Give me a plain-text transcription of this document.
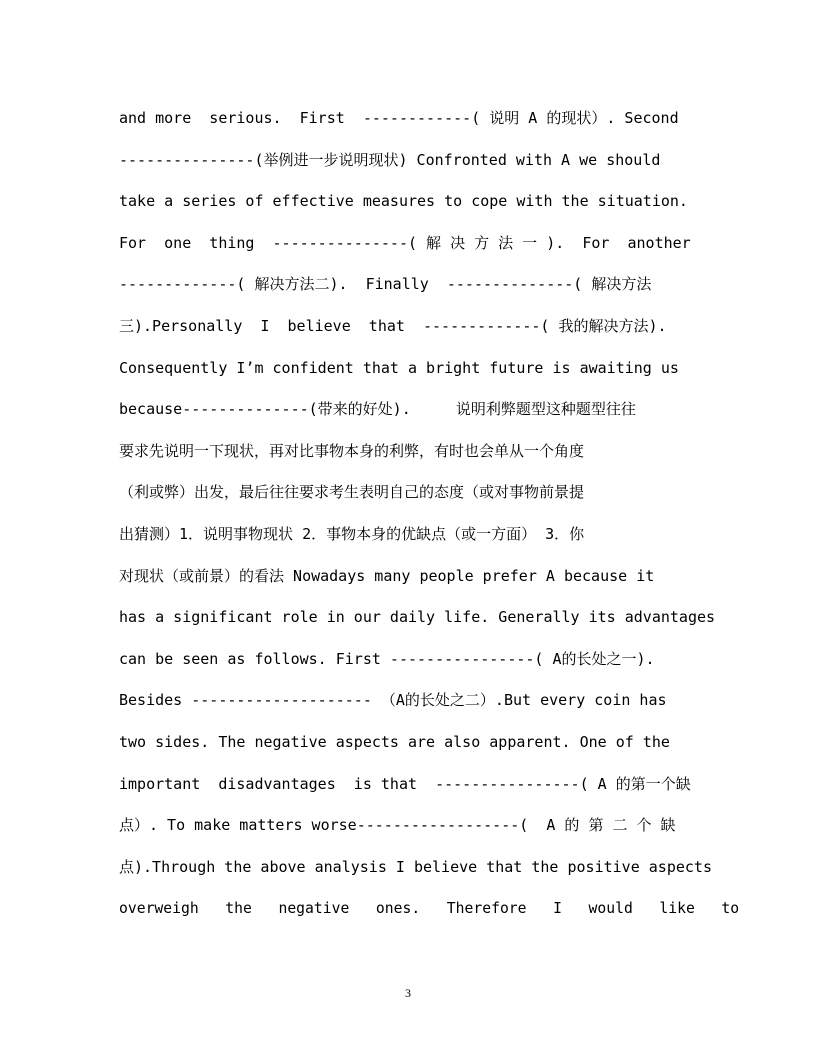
and more  serious.  First  ------------( 说明 A 的现状）. Second
---------------(举例进一步说明现状) Confronted with A we should
take a series of effective measures to cope with the situation.
For  one  thing  ---------------( 解 决 方 法 一 ).  For  another
-------------( 解决方法二).  Finally  --------------( 解决方法
三).Personally  I  believe  that  -------------( 我的解决方法).
Consequently I’m confident that a bright future is awaiting us
because--------------(带来的好处).     说明利弊题型这种题型往往
要求先说明一下现状，再对比事物本身的利弊，有时也会单从一个角度
（利或弊）出发，最后往往要求考生表明自己的态度（或对事物前景提
出猜测）1．说明事物现状 2．事物本身的优缺点（或一方面） 3．你
对现状（或前景）的看法 Nowadays many people prefer A because it
has a significant role in our daily life. Generally its advantages
can be seen as follows. First ----------------( A的长处之一).
Besides -------------------- （A的长处之二）.But every coin has
two sides. The negative aspects are also apparent. One of the
important  disadvantages  is that  ----------------( A 的第一个缺
点）. To make matters worse------------------(  A 的 第 二 个 缺
点).Through the above analysis I believe that the positive aspects
overweigh   the   negative   ones.   Therefore   I   would   like   to
3
